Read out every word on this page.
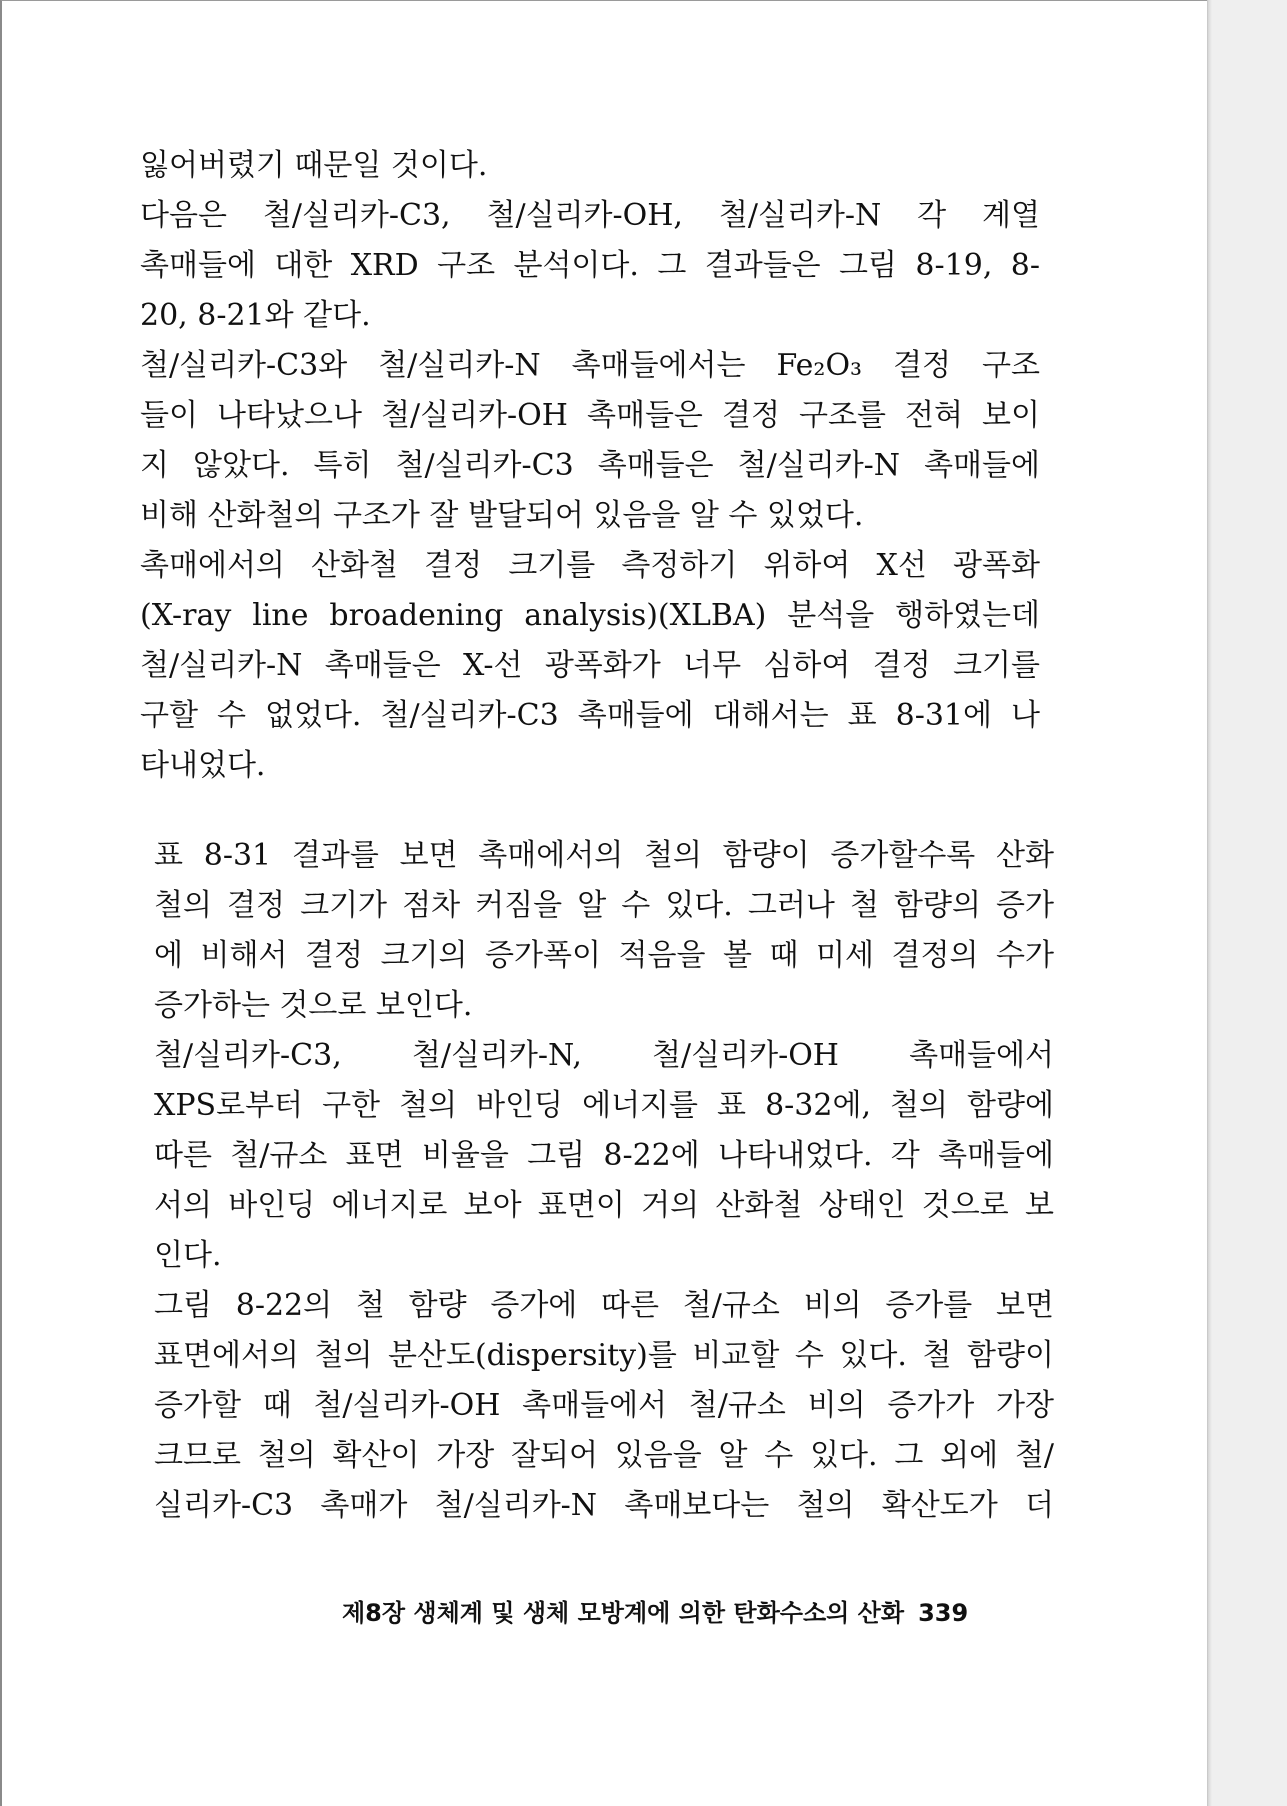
잃어버렸기 때문일 것이다.
다음은 철/실리카-C3, 철/실리카-OH, 철/실리카-N 각 계열
촉매들에 대한 XRD 구조 분석이다. 그 결과들은 그림 8-19, 8-
20, 8-21와 같다.
철/실리카-C3와 철/실리카-N 촉매들에서는 Fe₂O₃ 결정 구조
들이 나타났으나 철/실리카-OH 촉매들은 결정 구조를 전혀 보이
지 않았다. 특히 철/실리카-C3 촉매들은 철/실리카-N 촉매들에
비해 산화철의 구조가 잘 발달되어 있음을 알 수 있었다.
촉매에서의 산화철 결정 크기를 측정하기 위하여 X선 광폭화
(X-ray line broadening analysis)(XLBA) 분석을 행하였는데
철/실리카-N 촉매들은 X-선 광폭화가 너무 심하여 결정 크기를
구할 수 없었다. 철/실리카-C3 촉매들에 대해서는 표 8-31에 나
타내었다.
표 8-31 결과를 보면 촉매에서의 철의 함량이 증가할수록 산화
철의 결정 크기가 점차 커짐을 알 수 있다. 그러나 철 함량의 증가
에 비해서 결정 크기의 증가폭이 적음을 볼 때 미세 결정의 수가
증가하는 것으로 보인다.
철/실리카-C3, 철/실리카-N, 철/실리카-OH 촉매들에서
XPS로부터 구한 철의 바인딩 에너지를 표 8-32에, 철의 함량에
따른 철/규소 표면 비율을 그림 8-22에 나타내었다. 각 촉매들에
서의 바인딩 에너지로 보아 표면이 거의 산화철 상태인 것으로 보
인다.
그림 8-22의 철 함량 증가에 따른 철/규소 비의 증가를 보면
표면에서의 철의 분산도(dispersity)를 비교할 수 있다. 철 함량이
증가할 때 철/실리카-OH 촉매들에서 철/규소 비의 증가가 가장
크므로 철의 확산이 가장 잘되어 있음을 알 수 있다. 그 외에 철/
실리카-C3 촉매가 철/실리카-N 촉매보다는 철의 확산도가 더
제8장 생체계 및 생체 모방계에 의한 탄화수소의 산화 339
